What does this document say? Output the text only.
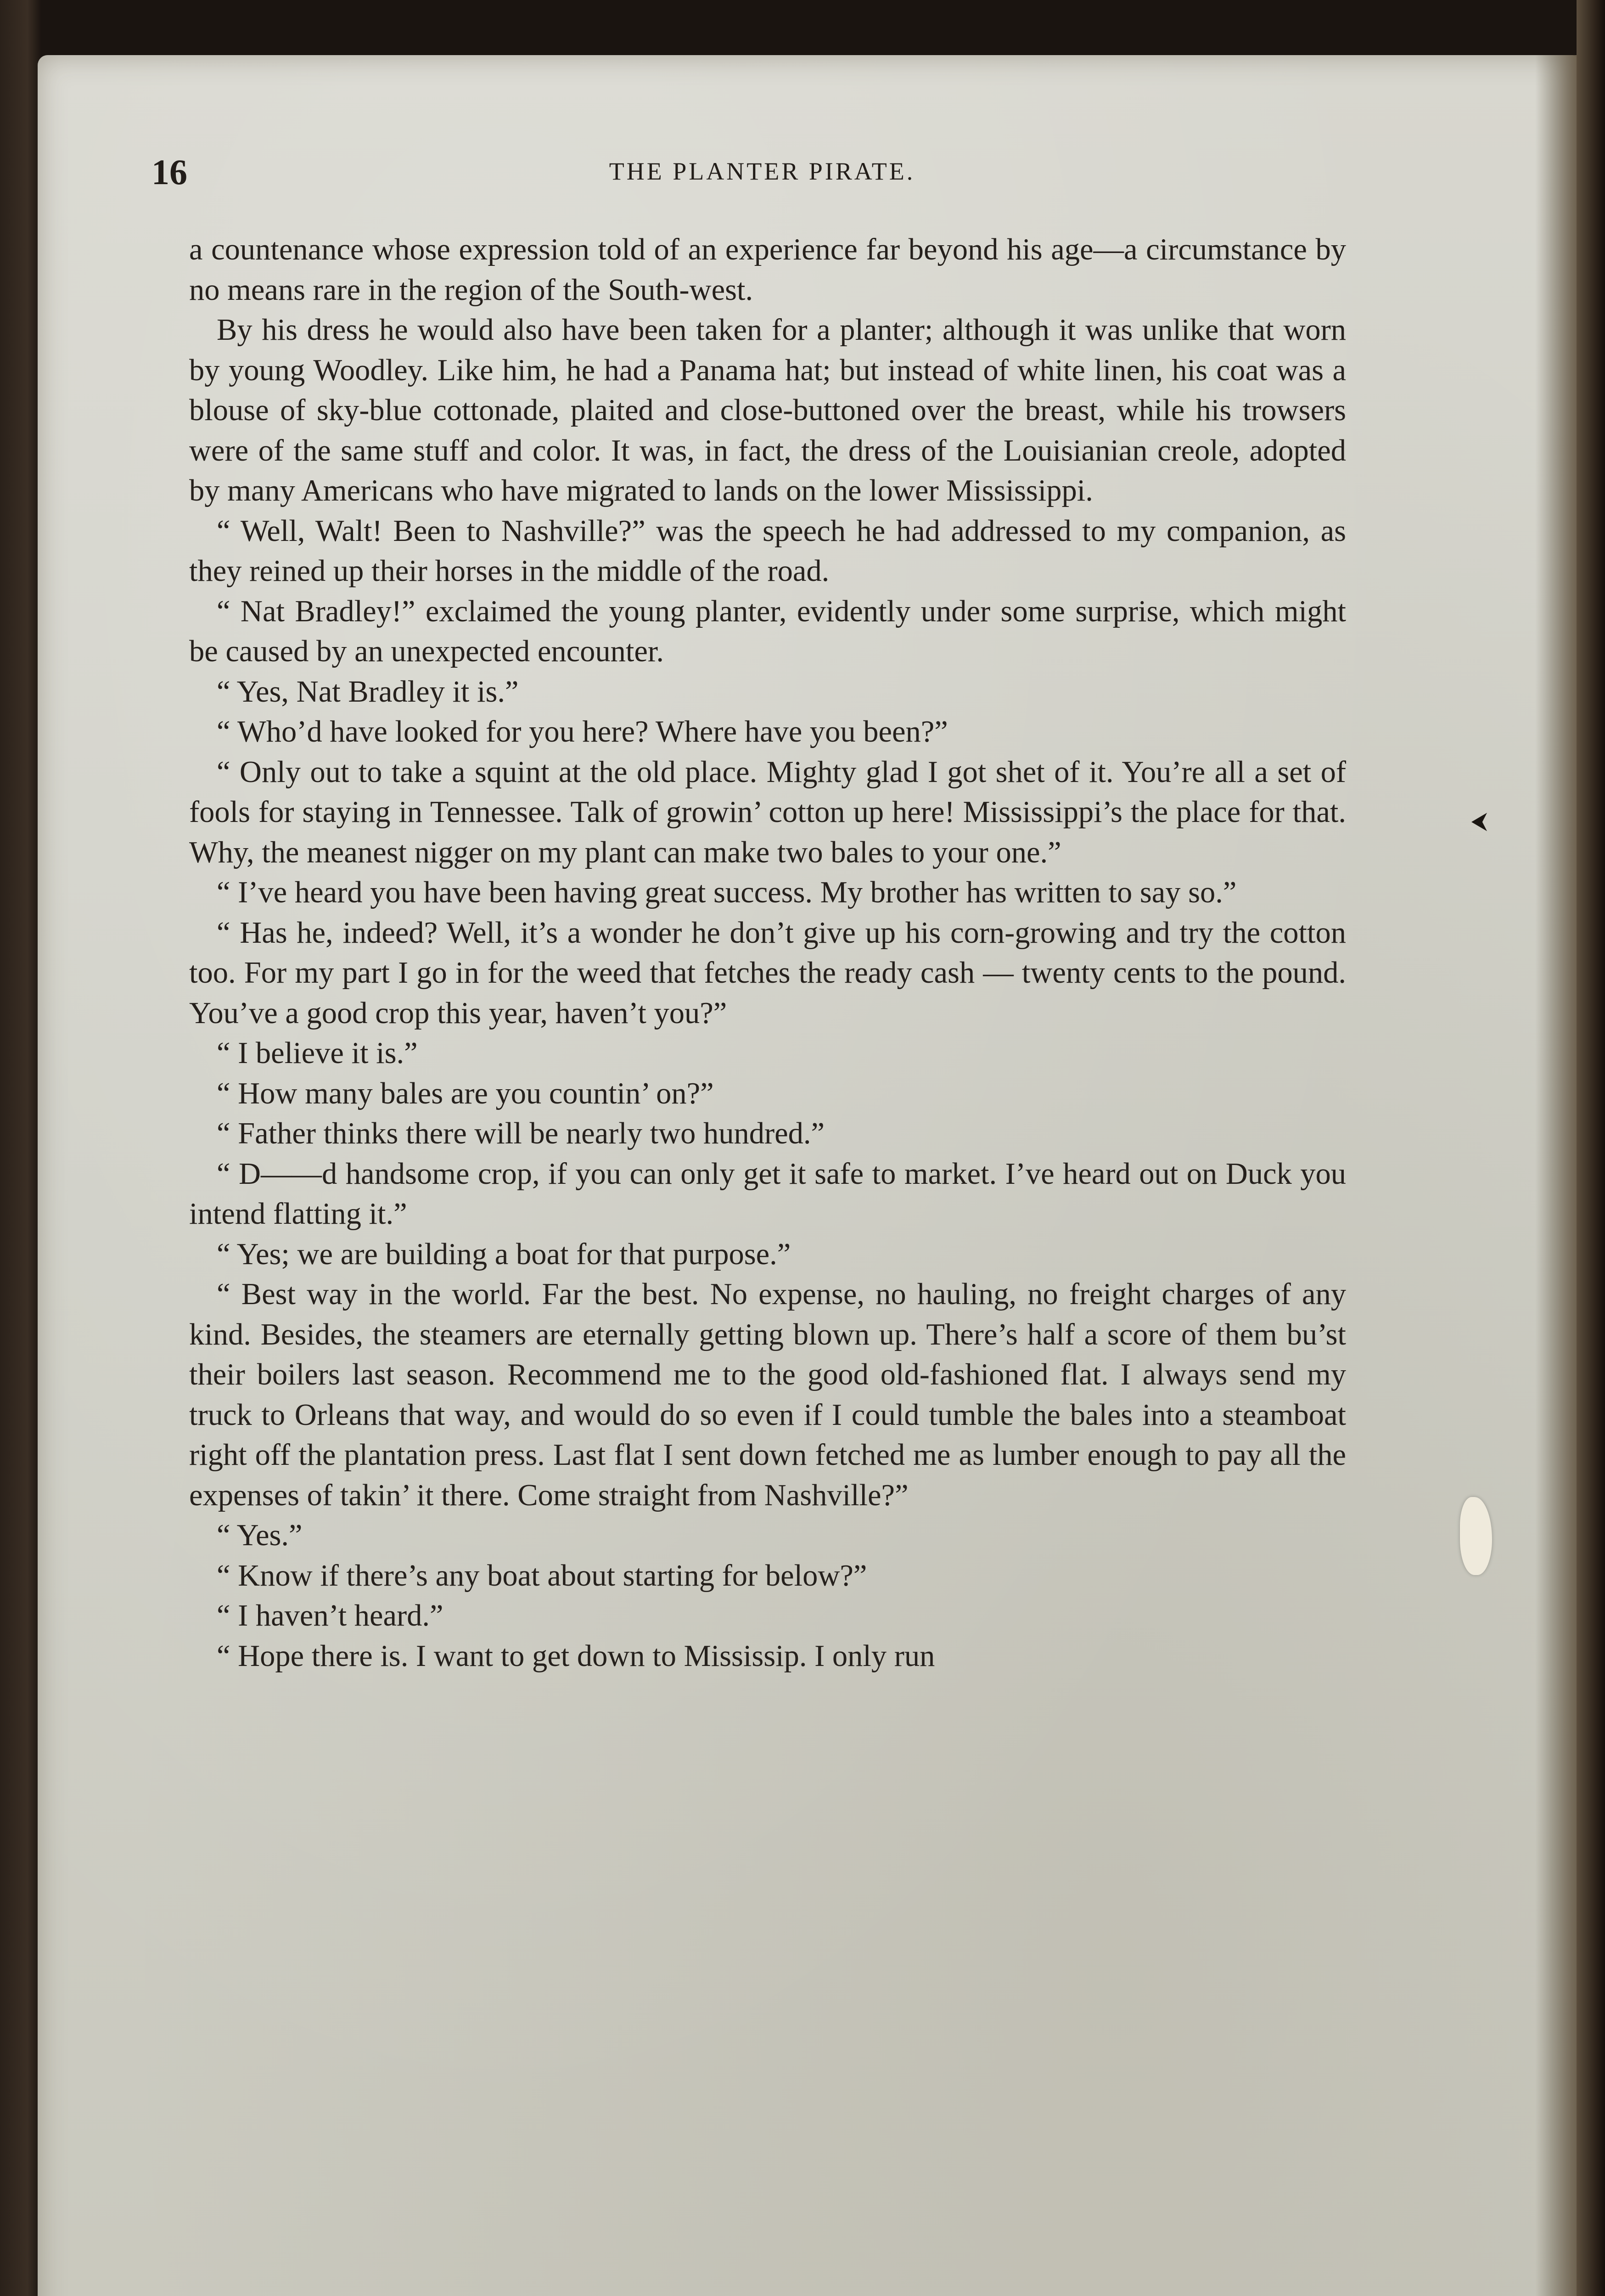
16	THE PLANTER PIRATE.

a countenance whose expression told of an experience far beyond his age—a circumstance by no means rare in the region of the South-west.

By his dress he would also have been taken for a planter; although it was unlike that worn by young Woodley. Like him, he had a Panama hat; but instead of white linen, his coat was a blouse of sky-blue cottonade, plaited and close-buttoned over the breast, while his trowsers were of the same stuff and color. It was, in fact, the dress of the Louisianian creole, adopted by many Americans who have migrated to lands on the lower Mississippi.

“ Well, Walt! Been to Nashville?” was the speech he had addressed to my companion, as they reined up their horses in the middle of the road.

“ Nat Bradley!” exclaimed the young planter, evidently under some surprise, which might be caused by an unexpected encounter.

“ Yes, Nat Bradley it is.”

“ Who’d have looked for you here? Where have you been?”

“ Only out to take a squint at the old place. Mighty glad I got shet of it. You’re all a set of fools for staying in Tennessee. Talk of growin’ cotton up here! Mississippi’s the place for that. Why, the meanest nigger on my plant can make two bales to your one.”

“ I’ve heard you have been having great success. My brother has written to say so.”

“ Has he, indeed? Well, it’s a wonder he don’t give up his corn-growing and try the cotton too. For my part I go in for the weed that fetches the ready cash — twenty cents to the pound. You’ve a good crop this year, haven’t you?”

“ I believe it is.”

“ How many bales are you countin’ on?”

“ Father thinks there will be nearly two hundred.”

“ D——d handsome crop, if you can only get it safe to market. I’ve heard out on Duck you intend flatting it.”

“ Yes; we are building a boat for that purpose.”

“ Best way in the world. Far the best. No expense, no hauling, no freight charges of any kind. Besides, the steamers are eternally getting blown up. There’s half a score of them bu’st their boilers last season. Recommend me to the good old-fashioned flat. I always send my truck to Orleans that way, and would do so even if I could tumble the bales into a steamboat right off the plantation press. Last flat I sent down fetched me as lumber enough to pay all the expenses of takin’ it there. Come straight from Nashville?”

“ Yes.”

“ Know if there’s any boat about starting for below?”

“ I haven’t heard.”

“ Hope there is. I want to get down to Mississip. I only run
